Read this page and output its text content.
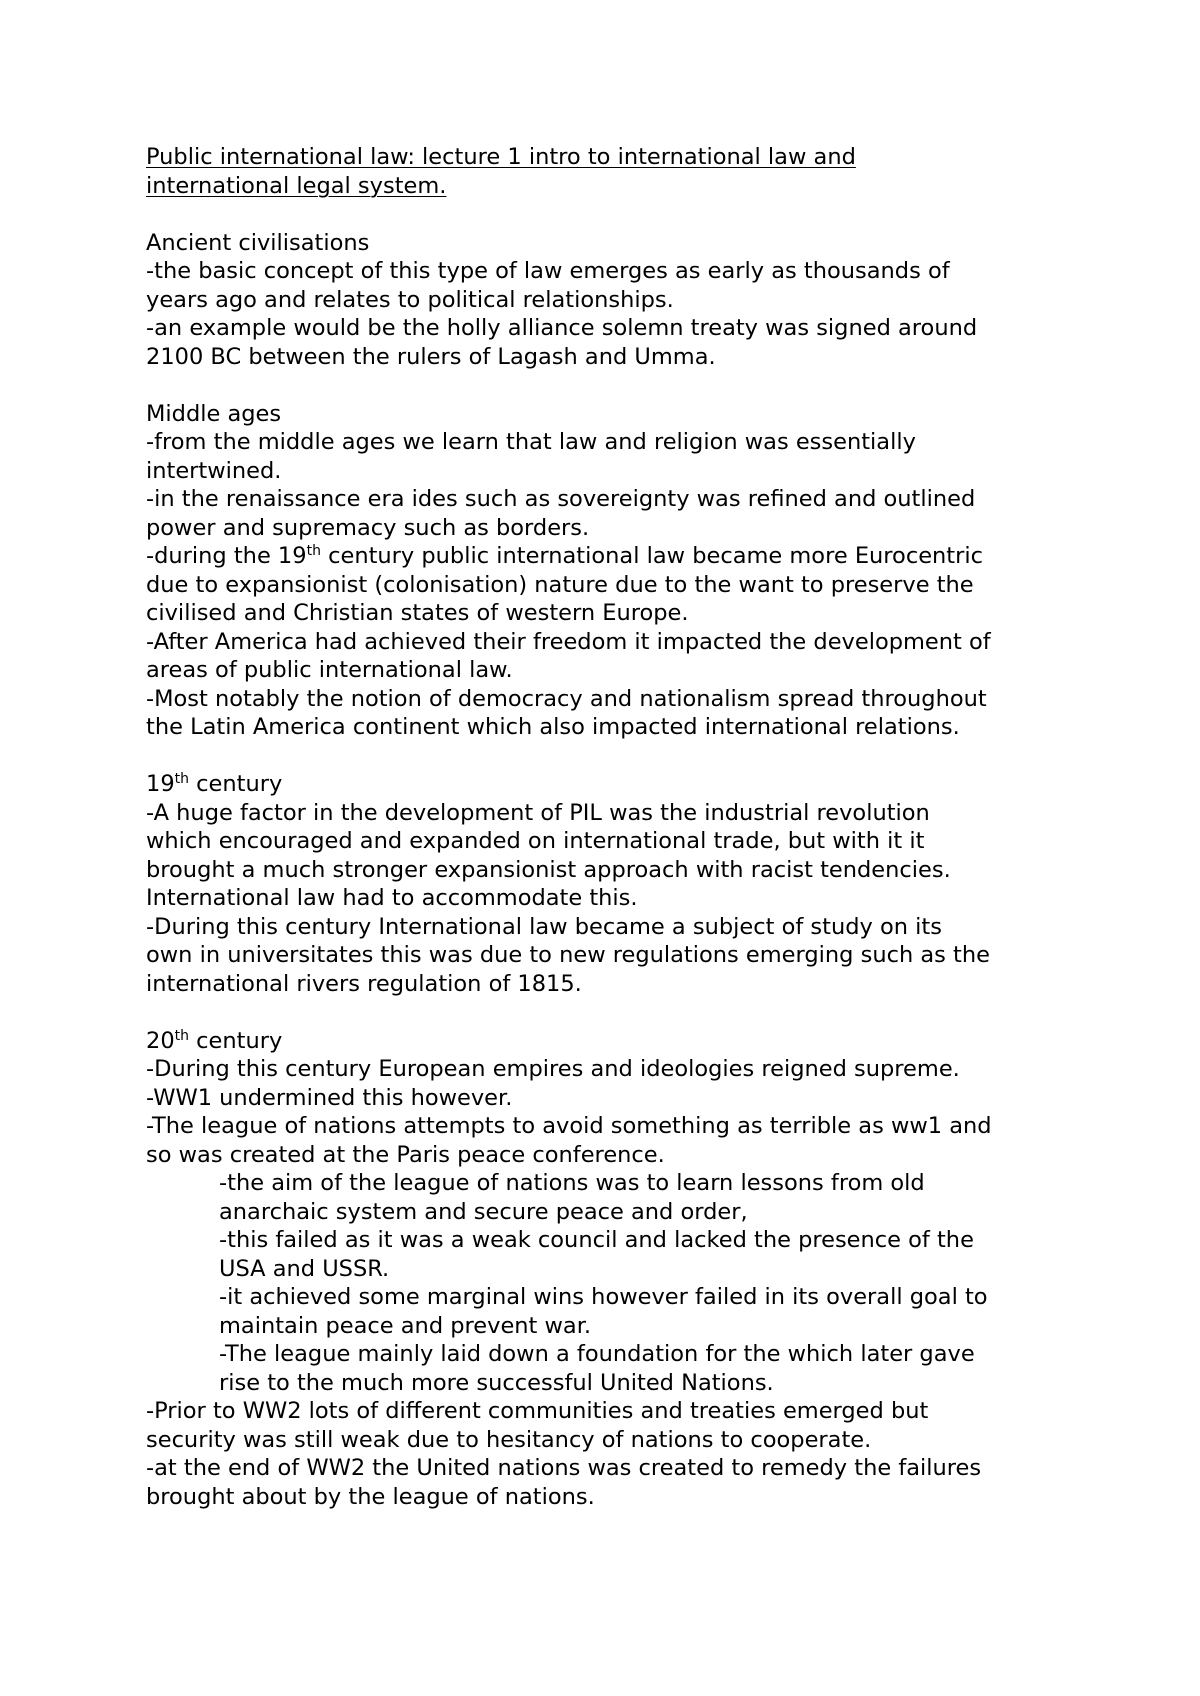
Public international law: lecture 1 intro to international law and
international legal system.
Ancient civilisations
-the basic concept of this type of law emerges as early as thousands of
years ago and relates to political relationships.
-an example would be the holly alliance solemn treaty was signed around
2100 BC between the rulers of Lagash and Umma.
Middle ages
-from the middle ages we learn that law and religion was essentially
intertwined.
-in the renaissance era ides such as sovereignty was refined and outlined
power and supremacy such as borders.
-during the 19th century public international law became more Eurocentric
due to expansionist (colonisation) nature due to the want to preserve the
civilised and Christian states of western Europe.
-After America had achieved their freedom it impacted the development of
areas of public international law.
-Most notably the notion of democracy and nationalism spread throughout
the Latin America continent which also impacted international relations.
19th century
-A huge factor in the development of PIL was the industrial revolution
which encouraged and expanded on international trade, but with it it
brought a much stronger expansionist approach with racist tendencies.
International law had to accommodate this.
-During this century International law became a subject of study on its
own in universitates this was due to new regulations emerging such as the
international rivers regulation of 1815.
20th century
-During this century European empires and ideologies reigned supreme.
-WW1 undermined this however.
-The league of nations attempts to avoid something as terrible as ww1 and
so was created at the Paris peace conference.
-the aim of the league of nations was to learn lessons from old
anarchaic system and secure peace and order,
-this failed as it was a weak council and lacked the presence of the
USA and USSR.
-it achieved some marginal wins however failed in its overall goal to
maintain peace and prevent war.
-The league mainly laid down a foundation for the which later gave
rise to the much more successful United Nations.
-Prior to WW2 lots of different communities and treaties emerged but
security was still weak due to hesitancy of nations to cooperate.
-at the end of WW2 the United nations was created to remedy the failures
brought about by the league of nations.
